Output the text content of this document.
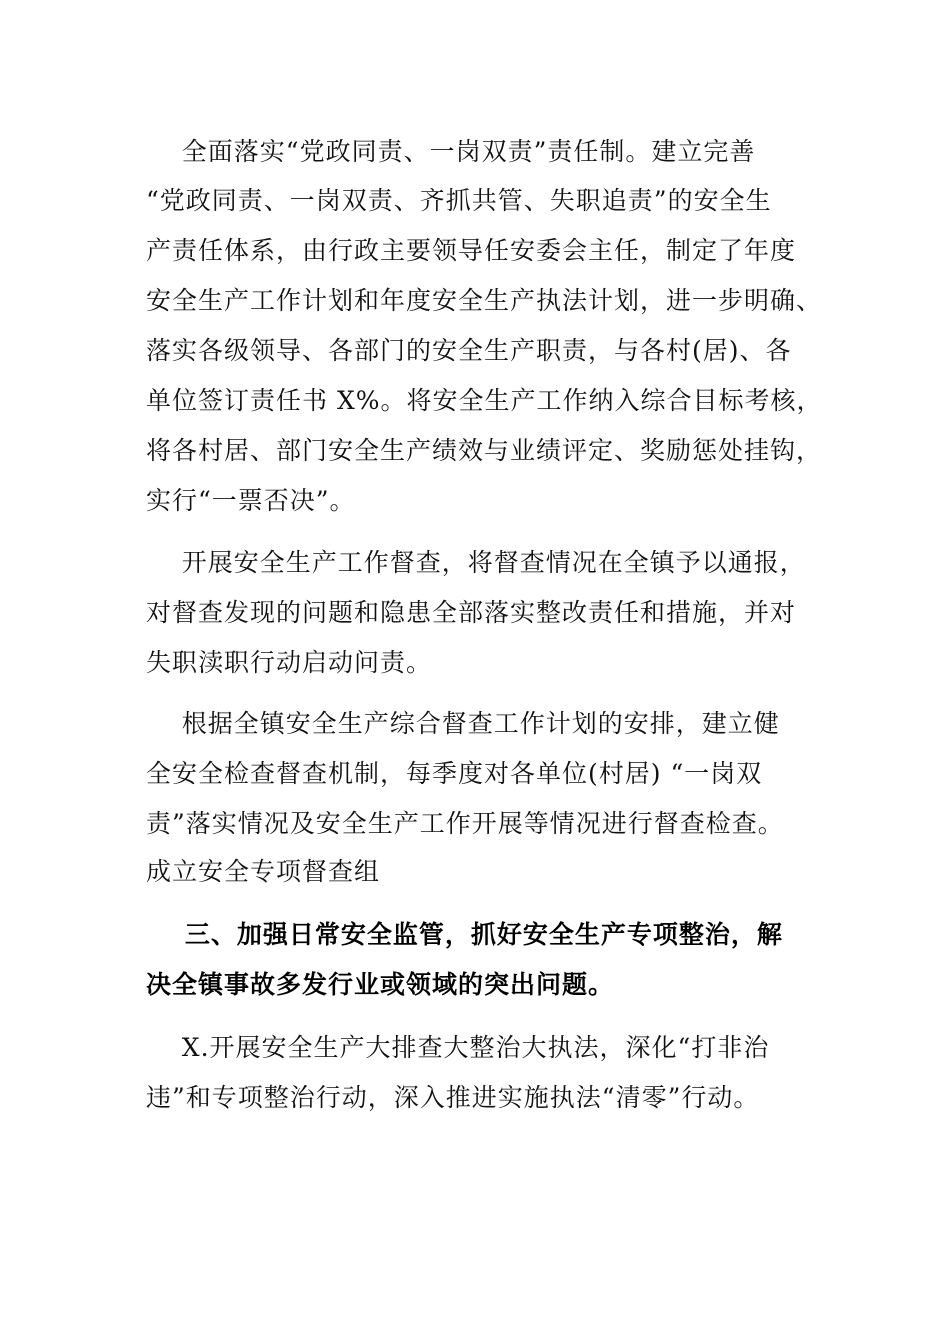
全面落实“党政同责、一岗双责”责任制。建立完善
“党政同责、一岗双责、齐抓共管、失职追责”的安全生
产责任体系，由行政主要领导任安委会主任，制定了年度
安全生产工作计划和年度安全生产执法计划，进一步明确、
落实各级领导、各部门的安全生产职责，与各村(居)、各
单位签订责任书 X%。将安全生产工作纳入综合目标考核，
将各村居、部门安全生产绩效与业绩评定、奖励惩处挂钩，
实行“一票否决”。
开展安全生产工作督查，将督查情况在全镇予以通报，
对督查发现的问题和隐患全部落实整改责任和措施，并对
失职渎职行动启动问责。
根据全镇安全生产综合督查工作计划的安排，建立健
全安全检查督查机制，每季度对各单位(村居) “一岗双
责”落实情况及安全生产工作开展等情况进行督查检查。
成立安全专项督查组
三、加强日常安全监管，抓好安全生产专项整治，解
决全镇事故多发行业或领域的突出问题。
X.开展安全生产大排查大整治大执法，深化“打非治
违”和专项整治行动，深入推进实施执法“清零”行动。
